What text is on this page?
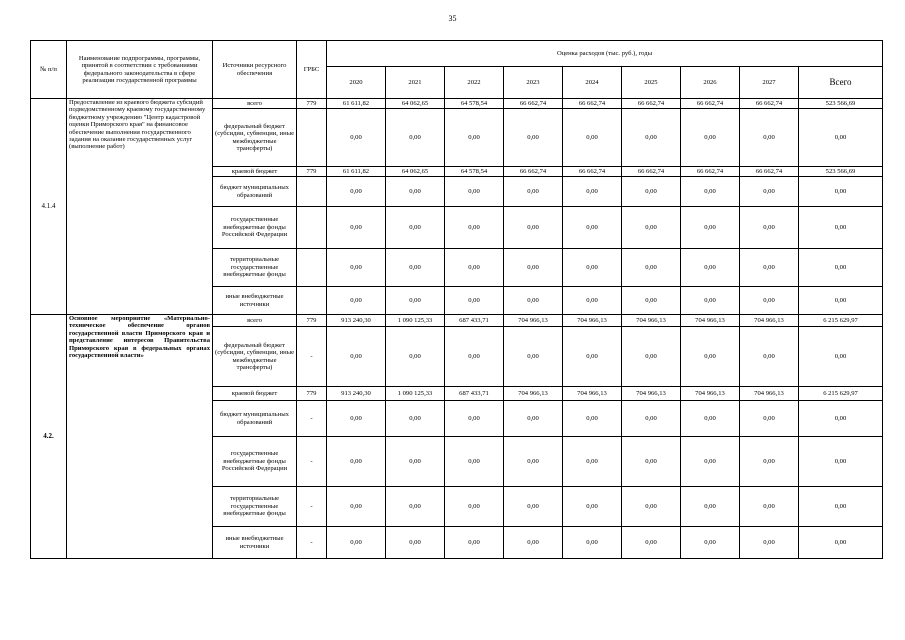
35
№ п/п	Наименование подпрограммы, программы, принятой в соответствии с требованиями федерального законодательства в сфере реализации государственной программы	Источники ресурсного обеспечения	ГРБС	Оценка расходов (тыс. руб.), годы								
				2020	2021	2022	2023	2024	2025	2026	2027	Всего
4.1.4	Предоставление из краевого бюджета субсидий подведомственному краевому государственному бюджетному учреждению "Центр кадастровой оценки Приморского края" на финансовое обеспечение выполнения государственного задания на оказание государственных услуг (выполнение работ)	всего	779	61 611,82	64 062,65	64 578,54	66 662,74	66 662,74	66 662,74	66 662,74	66 662,74	523 566,69
		федеральный бюджет (субсидии, субвенции, иные межбюджетные трансферты)		0,00	0,00	0,00	0,00	0,00	0,00	0,00	0,00	0,00
		краевой бюджет	779	61 611,82	64 062,65	64 578,54	66 662,74	66 662,74	66 662,74	66 662,74	66 662,74	523 566,69
		бюджет муниципальных образований		0,00	0,00	0,00	0,00	0,00	0,00	0,00	0,00	0,00
		государственные внебюджетные фонды Российской Федерации		0,00	0,00	0,00	0,00	0,00	0,00	0,00	0,00	0,00
		территориальные государственные внебюджетные фонды		0,00	0,00	0,00	0,00	0,00	0,00	0,00	0,00	0,00
		иные внебюджетные источники		0,00	0,00	0,00	0,00	0,00	0,00	0,00	0,00	0,00
4.2.	Основное мероприятие «Материально-техническое обеспечение органов государственной власти Приморского края и представление интересов Правительства Приморского края в федеральных органах государственной власти»	всего	779	913 240,30	1 090 125,33	687 433,71	704 966,13	704 966,13	704 966,13	704 966,13	704 966,13	6 215 629,97
		федеральный бюджет (субсидии, субвенции, иные межбюджетные трансферты)	-	0,00	0,00	0,00	0,00	0,00	0,00	0,00	0,00	0,00
		краевой бюджет	779	913 240,30	1 090 125,33	687 433,71	704 966,13	704 966,13	704 966,13	704 966,13	704 966,13	6 215 629,97
		бюджет муниципальных образований	-	0,00	0,00	0,00	0,00	0,00	0,00	0,00	0,00	0,00
		государственные внебюджетные фонды Российской Федерации	-	0,00	0,00	0,00	0,00	0,00	0,00	0,00	0,00	0,00
		территориальные государственные внебюджетные фонды	-	0,00	0,00	0,00	0,00	0,00	0,00	0,00	0,00	0,00
		иные внебюджетные источники	-	0,00	0,00	0,00	0,00	0,00	0,00	0,00	0,00	0,00
